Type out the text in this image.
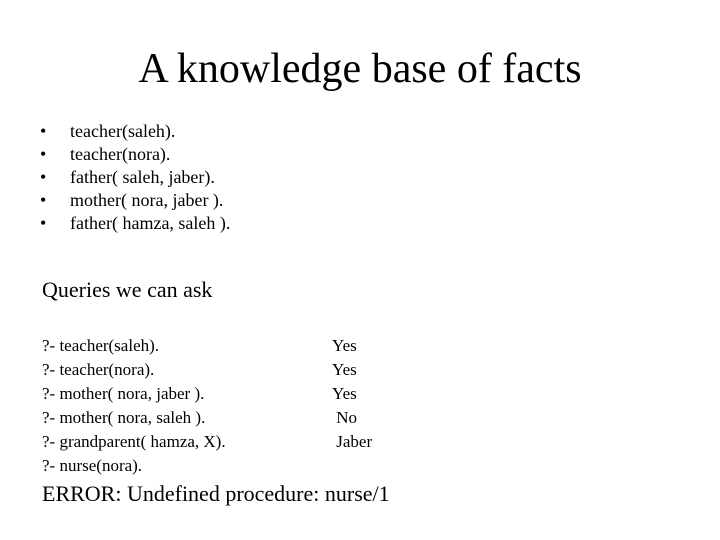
A knowledge base of facts
• teacher(saleh).
• teacher(nora).
• father( saleh, jaber).
• mother( nora, jaber ).
• father( hamza, saleh ).
Queries we can ask
?- teacher(saleh).
?- teacher(nora).
?- mother( nora, jaber ).
?- mother( nora, saleh ).
?- grandparent( hamza, X).
?- nurse(nora).
Yes
Yes
Yes
No
Jaber

ERROR: Undefined procedure: nurse/1
